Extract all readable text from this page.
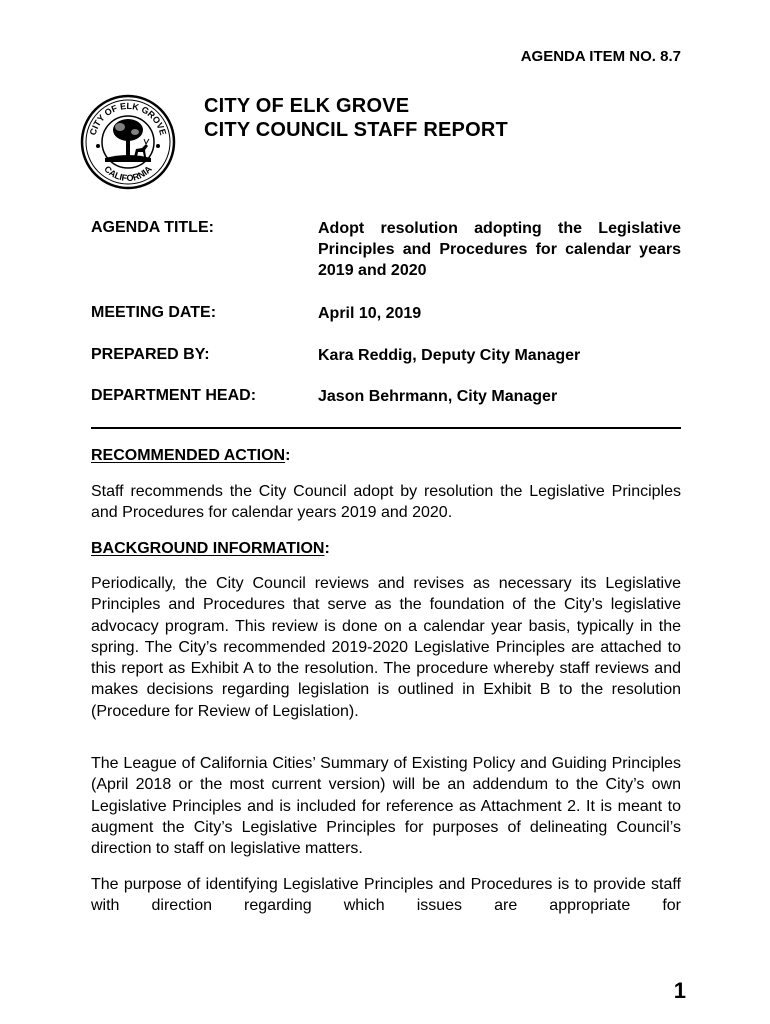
AGENDA ITEM NO. 8.7
CITY OF ELK GROVE
CALIFORNIA
CITY OF ELK GROVE
CITY COUNCIL STAFF REPORT
AGENDA TITLE:	Adopt resolution adopting the Legislative Principles and Procedures for calendar years 2019 and 2020
MEETING DATE:	April 10, 2019
PREPARED BY:	Kara Reddig, Deputy City Manager
DEPARTMENT HEAD:	Jason Behrmann, City Manager
RECOMMENDED ACTION:
Staff recommends the City Council adopt by resolution the Legislative Principles and Procedures for calendar years 2019 and 2020.
BACKGROUND INFORMATION:
Periodically, the City Council reviews and revises as necessary its Legislative Principles and Procedures that serve as the foundation of the City’s legislative advocacy program. This review is done on a calendar year basis, typically in the spring. The City’s recommended 2019-2020 Legislative Principles are attached to this report as Exhibit A to the resolution. The procedure whereby staff reviews and makes decisions regarding legislation is outlined in Exhibit B to the resolution (Procedure for Review of Legislation).
The League of California Cities’ Summary of Existing Policy and Guiding Principles (April 2018 or the most current version) will be an addendum to the City’s own Legislative Principles and is included for reference as Attachment 2. It is meant to augment the City’s Legislative Principles for purposes of delineating Council’s direction to staff on legislative matters.
The purpose of identifying Legislative Principles and Procedures is to provide staff with direction regarding which issues are appropriate for
1
